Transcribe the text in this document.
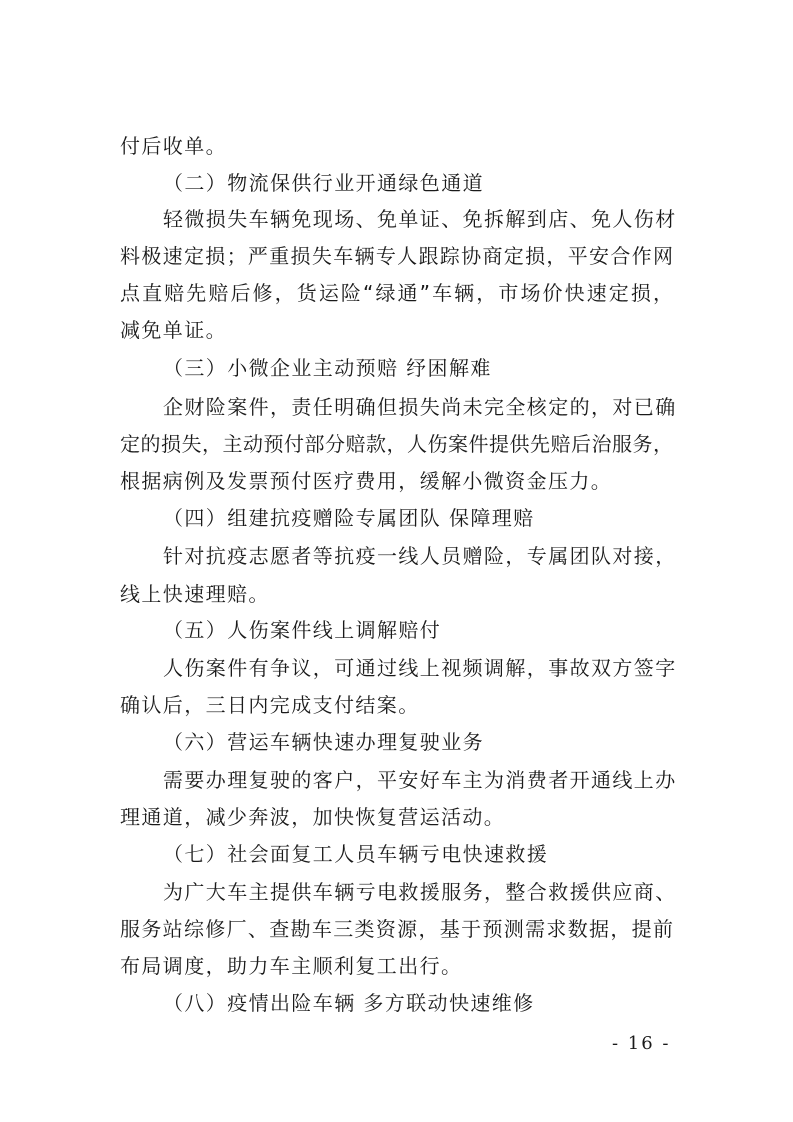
付后收单。
（二）物流保供行业开通绿色通道
轻微损失车辆免现场、免单证、免拆解到店、免人伤材
料极速定损；严重损失车辆专人跟踪协商定损，平安合作网
点直赔先赔后修，货运险“绿通”车辆，市场价快速定损，
减免单证。
（三）小微企业主动预赔 纾困解难
企财险案件，责任明确但损失尚未完全核定的，对已确
定的损失，主动预付部分赔款，人伤案件提供先赔后治服务，
根据病例及发票预付医疗费用，缓解小微资金压力。
（四）组建抗疫赠险专属团队 保障理赔
针对抗疫志愿者等抗疫一线人员赠险，专属团队对接，
线上快速理赔。
（五）人伤案件线上调解赔付
人伤案件有争议，可通过线上视频调解，事故双方签字
确认后，三日内完成支付结案。
（六）营运车辆快速办理复驶业务
需要办理复驶的客户，平安好车主为消费者开通线上办
理通道，减少奔波，加快恢复营运活动。
（七）社会面复工人员车辆亏电快速救援
为广大车主提供车辆亏电救援服务，整合救援供应商、
服务站综修厂、查勘车三类资源，基于预测需求数据，提前
布局调度，助力车主顺利复工出行。
（八）疫情出险车辆 多方联动快速维修
- 16 -
